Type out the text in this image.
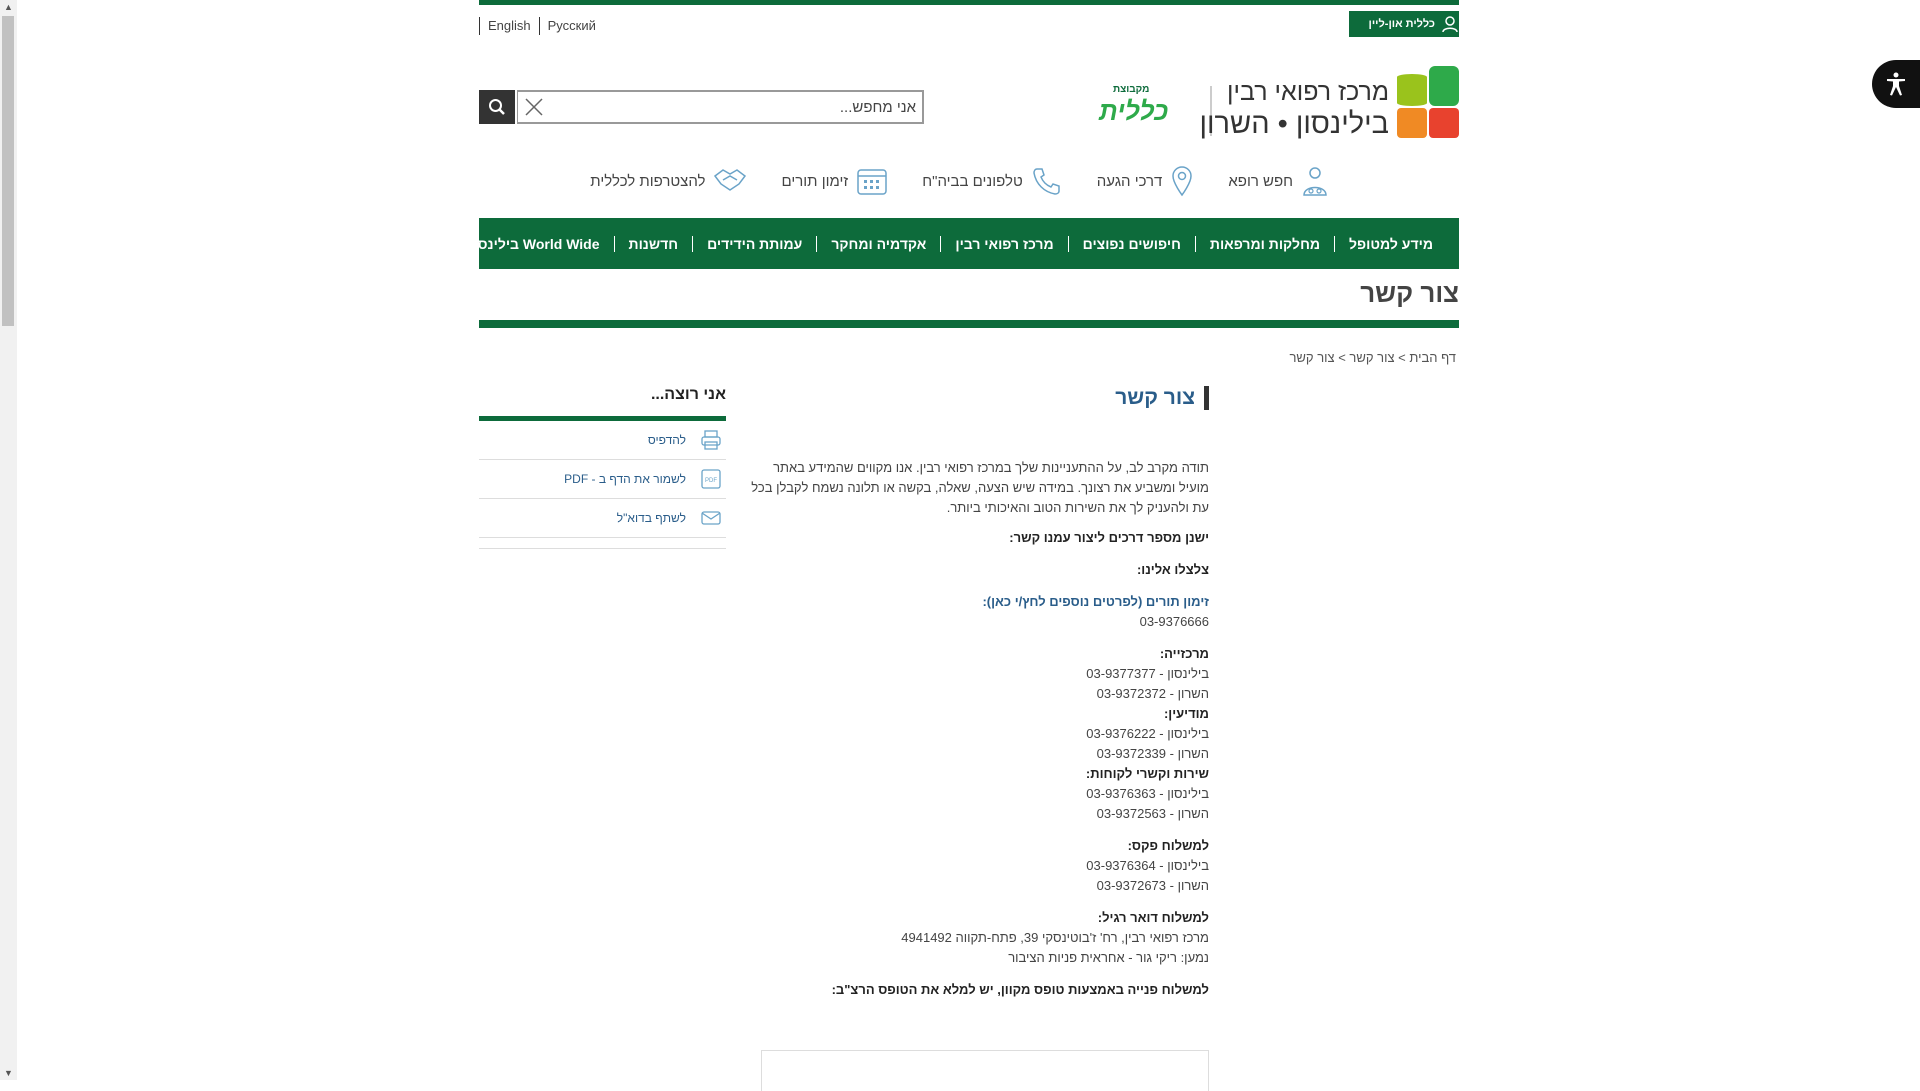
▲
▼
English	Русский	כללית און-ליין
מרכז רפואי רבין
בילינסון • השרון
מקבוצת
כללית
אני מחפש...
להצטרפות לכללית	זימון תורים	טלפונים בביה"ח	דרכי הגעה	חפש רופא
מידע למטופל
מחלקות ומרפאות
חיפושים נפוצים
מרכז רפואי רבין
אקדמיה ומחקר
עמותת הידידים
חדשנות
בילינסון World Wide
צור קשר
דף הבית > צור קשר > צור קשר
צור קשר

תודה מקרב לב, על ההתעניינות שלך במרכז רפואי רבין. אנו מקווים שהמידע באתר מועיל ומשביע את רצונך. במידה שיש הצעה, שאלה, בקשה או תלונה נשמח לקבלן בכל עת ולהעניק לך את השירות הטוב והאיכותי ביותר.

ישנן מספר דרכים ליצור עמנו קשר:

צלצלו אלינו:

זימון תורים (לפרטים נוספים לחץ/י כאן):

03-9376666

מרכזייה:

בילינסון - 03-9377377

השרון - 03-9372372

מודיעין:

בילינסון - 03-9376222

השרון - 03-9372339

שירות וקשרי לקוחות:

בילינסון - 03-9376363

השרון - 03-9372563

למשלוח פקס:

בילינסון - 03-9376364

השרון - 03-9372673

למשלוח דואר רגיל:

מרכז רפואי רבין, רח' ז'בוטינסקי 39, פתח-תקווה 4941492

נמען: ריקי גור - אחראית פניות הציבור

למשלוח פנייה באמצעות טופס מקוון, יש למלא את הטופס הרצ"ב:

אני רוצה...
להדפיס
PDF
לשמור את הדף ב - PDF
לשתף בדוא"ל
